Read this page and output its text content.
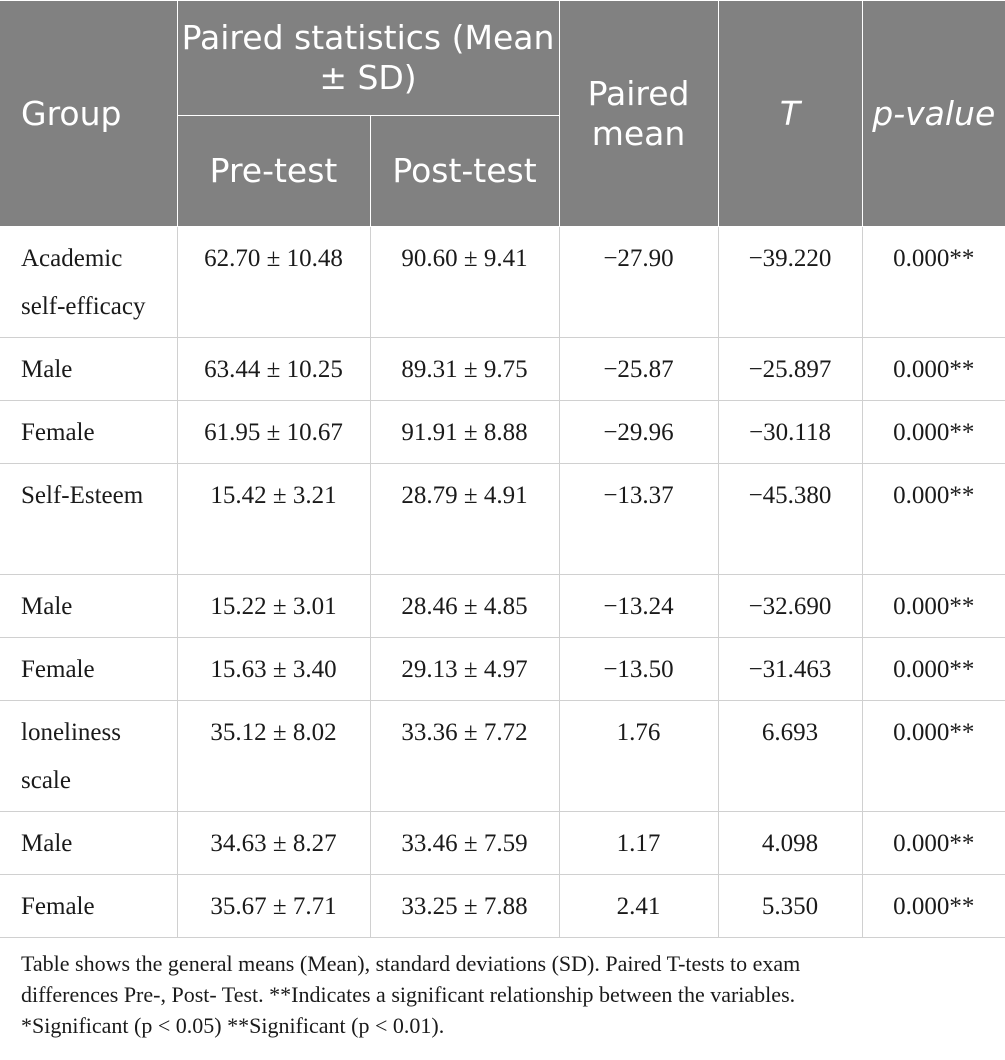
Group	Paired statistics (Mean ± SD)		Paired mean	T	p-value
	Pre-test	Post-test			
Academic self-efficacy	62.70 ± 10.48	90.60 ± 9.41	−27.90	−39.220	0.000**
Male	63.44 ± 10.25	89.31 ± 9.75	−25.87	−25.897	0.000**
Female	61.95 ± 10.67	91.91 ± 8.88	−29.96	−30.118	0.000**
Self-Esteem	15.42 ± 3.21	28.79 ± 4.91	−13.37	−45.380	0.000**
Male	15.22 ± 3.01	28.46 ± 4.85	−13.24	−32.690	0.000**
Female	15.63 ± 3.40	29.13 ± 4.97	−13.50	−31.463	0.000**
loneliness scale	35.12 ± 8.02	33.36 ± 7.72	1.76	6.693	0.000**
Male	34.63 ± 8.27	33.46 ± 7.59	1.17	4.098	0.000**
Female	35.67 ± 7.71	33.25 ± 7.88	2.41	5.350	0.000**

Table shows the general means (Mean), standard deviations (SD). Paired T-tests to exam

differences Pre-, Post- Test. **Indicates a significant relationship between the variables.

*Significant (p < 0.05) **Significant (p < 0.01).
